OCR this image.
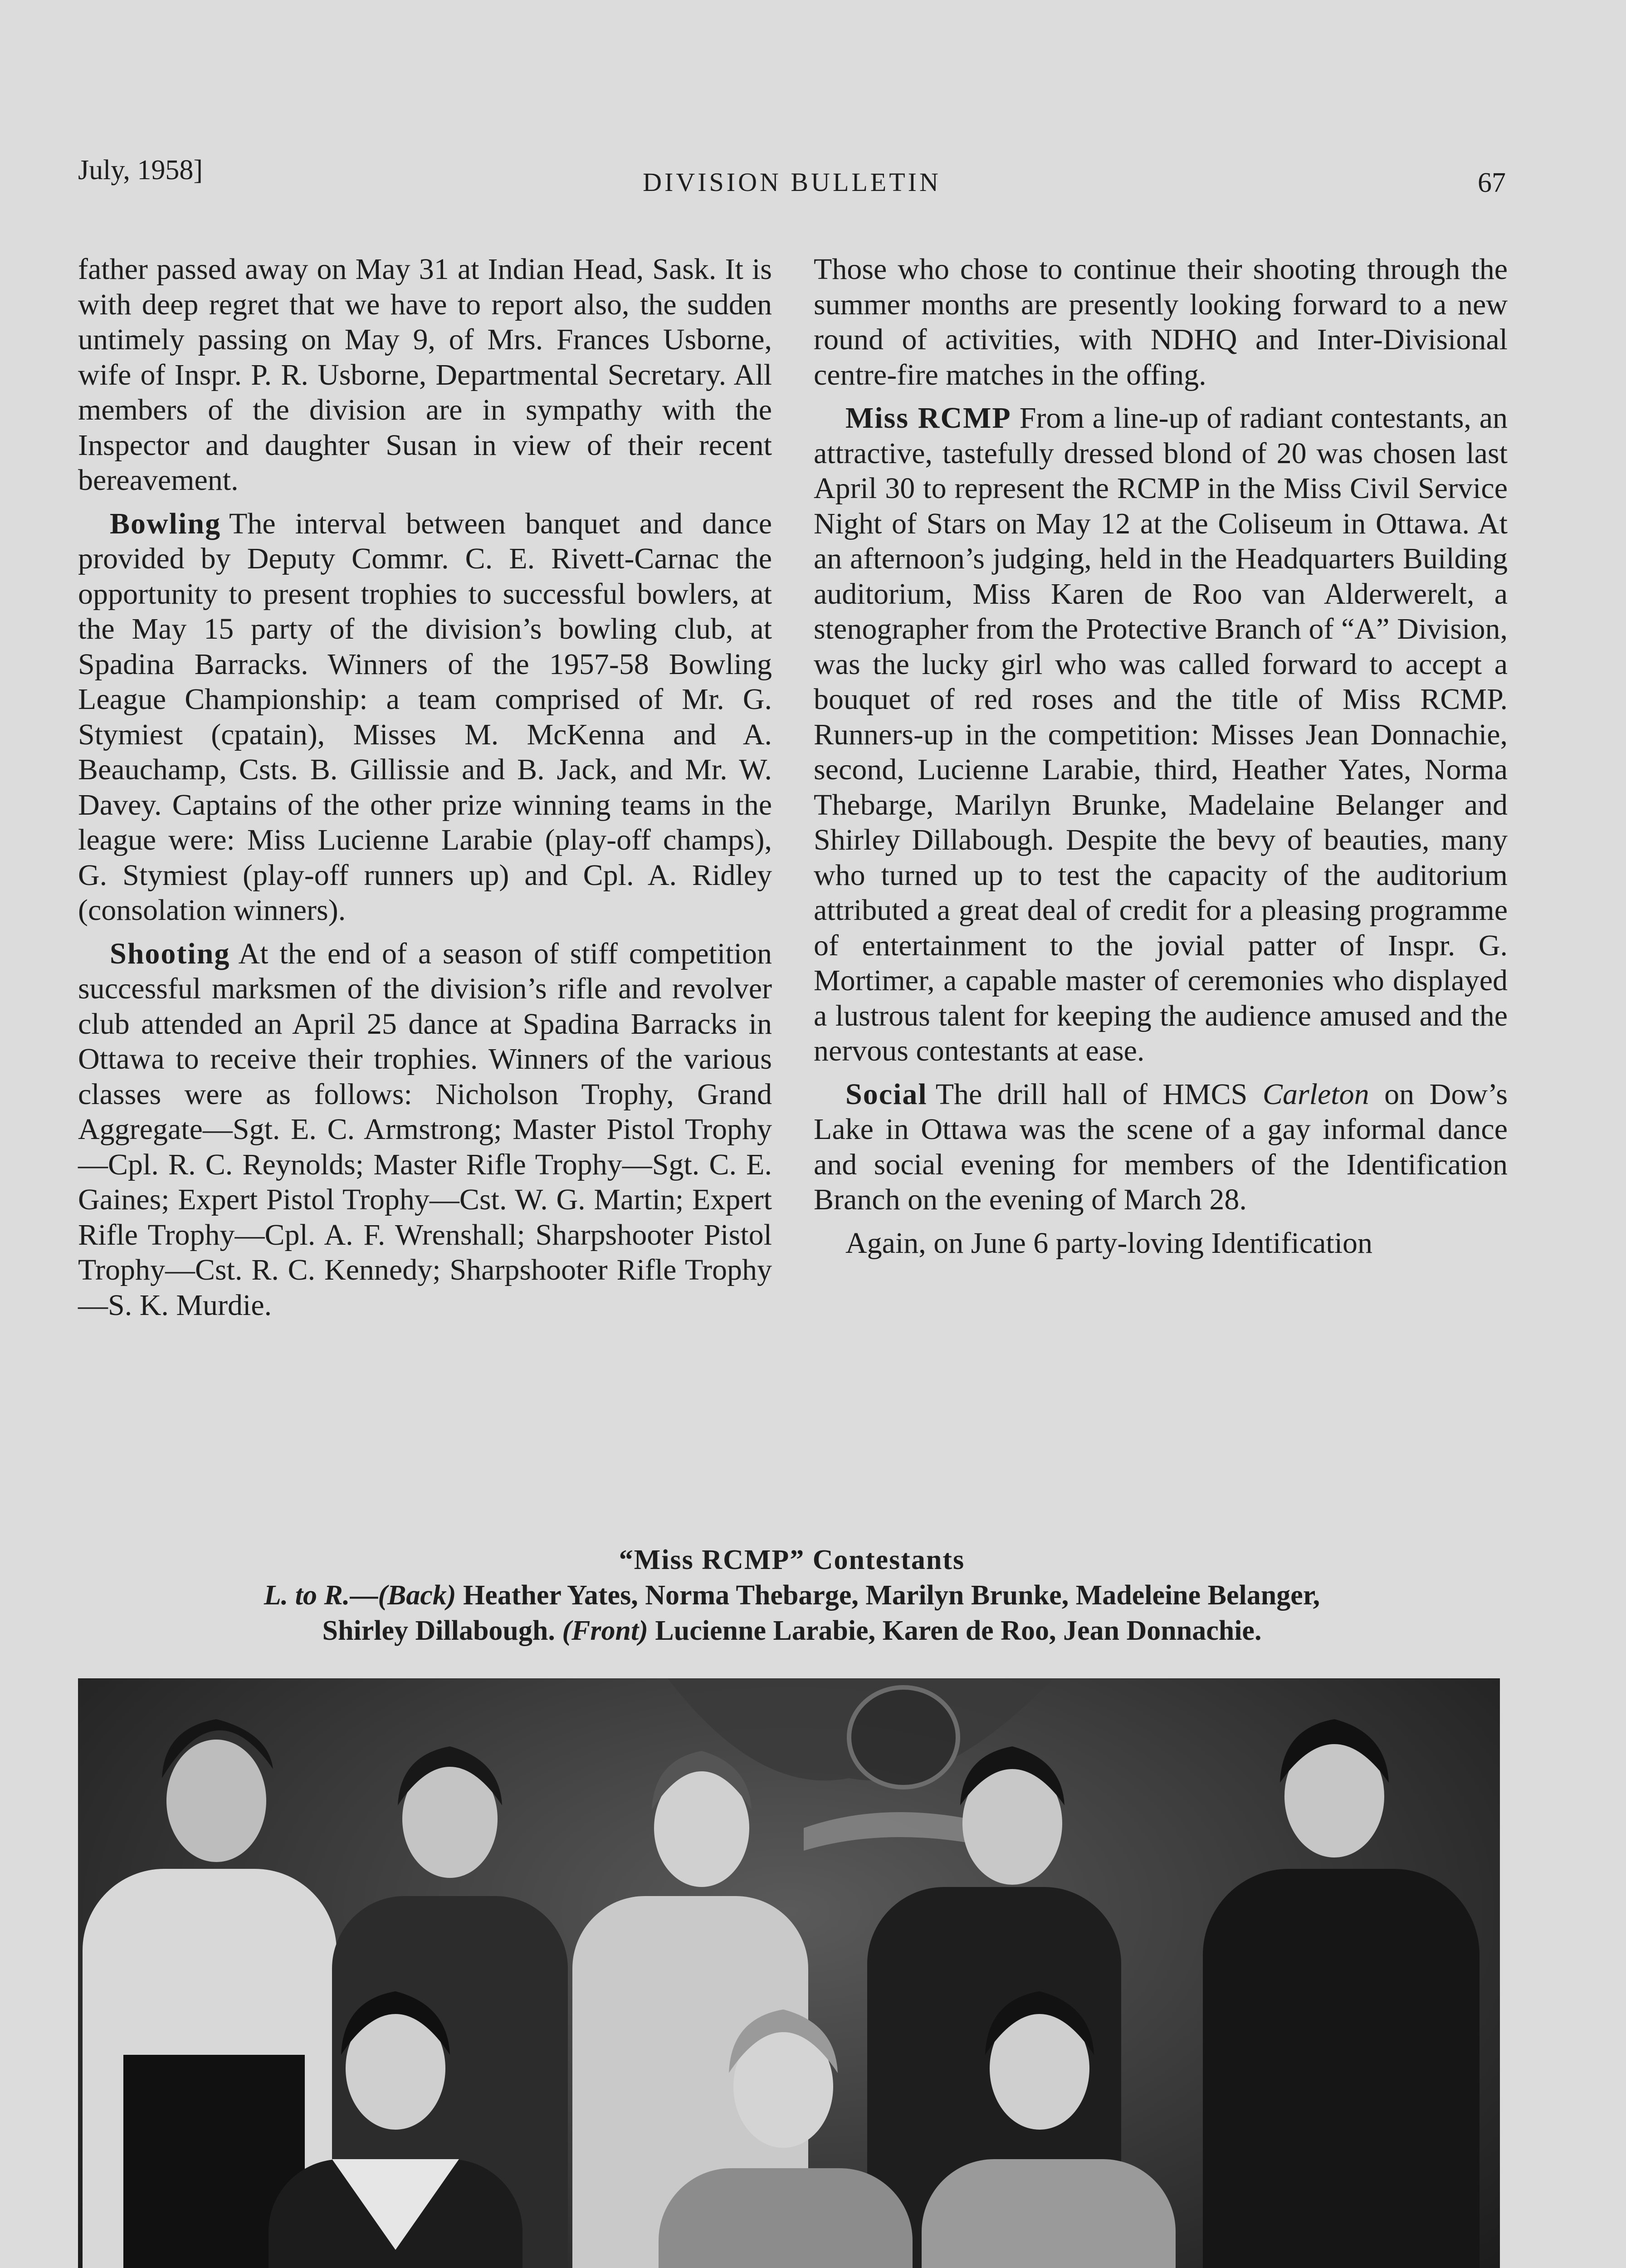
July, 1958]	DIVISION BULLETIN	67

father passed away on May 31 at Indian Head, Sask. It is with deep regret that we have to report also, the sudden untimely passing on May 9, of Mrs. Frances Usborne, wife of Inspr. P. R. Usborne, Departmental Secretary. All members of the division are in sympathy with the Inspector and daughter Susan in view of their recent bereavement.

Bowling The interval between banquet and dance provided by Deputy Commr. C. E. Rivett-Carnac the opportunity to present trophies to successful bowlers, at the May 15 party of the division’s bowling club, at Spadina Barracks. Winners of the 1957-58 Bowling League Championship: a team comprised of Mr. G. Stymiest (cpatain), Misses M. McKenna and A. Beauchamp, Csts. B. Gillissie and B. Jack, and Mr. W. Davey. Captains of the other prize winning teams in the league were: Miss Lucienne Larabie (play-off champs), G. Stymiest (play-off runners up) and Cpl. A. Ridley (consolation winners).

Shooting At the end of a season of stiff competition successful marksmen of the division’s rifle and revolver club attended an April 25 dance at Spadina Barracks in Ottawa to receive their trophies. Winners of the various classes were as follows: Nicholson Trophy, Grand Aggregate—Sgt. E. C. Armstrong; Master Pistol Trophy—Cpl. R. C. Reynolds; Master Rifle Trophy—Sgt. C. E. Gaines; Expert Pistol Trophy—Cst. W. G. Martin; Expert Rifle Trophy—Cpl. A. F. Wrenshall; Sharpshooter Pistol Trophy—Cst. R. C. Kennedy; Sharpshooter Rifle Trophy—S. K. Murdie.

Those who chose to continue their shooting through the summer months are presently looking forward to a new round of activities, with NDHQ and Inter-Divisional centre-fire matches in the offing.

Miss RCMP From a line-up of radiant contestants, an attractive, tastefully dressed blond of 20 was chosen last April 30 to represent the RCMP in the Miss Civil Service Night of Stars on May 12 at the Coliseum in Ottawa. At an afternoon’s judging, held in the Headquarters Building auditorium, Miss Karen de Roo van Alderwerelt, a stenographer from the Protective Branch of “A” Division, was the lucky girl who was called forward to accept a bouquet of red roses and the title of Miss RCMP. Runners-up in the competition: Misses Jean Donnachie, second, Lucienne Larabie, third, Heather Yates, Norma Thebarge, Marilyn Brunke, Madelaine Belanger and Shirley Dillabough. Despite the bevy of beauties, many who turned up to test the capacity of the auditorium attributed a great deal of credit for a pleasing programme of entertainment to the jovial patter of Inspr. G. Mortimer, a capable master of ceremonies who displayed a lustrous talent for keeping the audience amused and the nervous contestants at ease.

Social The drill hall of HMCS Carleton on Dow’s Lake in Ottawa was the scene of a gay informal dance and social evening for members of the Identification Branch on the evening of March 28.

Again, on June 6 party-loving Identification

“Miss RCMP” Contestants
L. to R.—(Back) Heather Yates, Norma Thebarge, Marilyn Brunke, Madeleine Belanger,
Shirley Dillabough. (Front) Lucienne Larabie, Karen de Roo, Jean Donnachie.
